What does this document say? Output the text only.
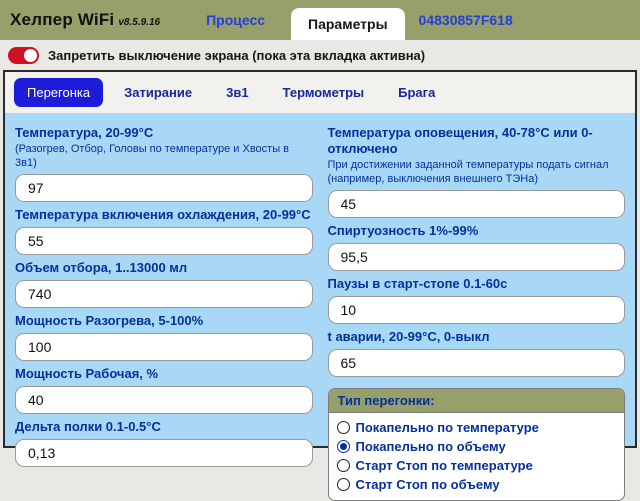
Хелпер WiFi v8.5.9.16	Процесс	Параметры	04830857F618
Запретить выключение экрана (пока эта вкладка активна)
Перегонка	Затирание	3в1	Термометры	Брага
Температура, 20-99°C
(Разогрев, Отбор, Головы по температуре и Хвосты в 3в1)
97
Температура включения охлаждения, 20-99°C
55
Объем отбора, 1..13000 мл
740
Мощность Разогрева, 5-100%
100
Мощность Рабочая, %
40
Дельта полки 0.1-0.5°C
0,13
Температура оповещения, 40-78°C или 0-отключено
При достижении заданной температуры подать сигнал (например, выключения внешнего ТЭНа)
45
Спиртуозность 1%-99%
95,5
Паузы в старт-стопе 0.1-60с
10
t аварии, 20-99°C, 0-выкл
65
Тип перегонки:
Покапельно по температуре
Покапельно по объему
Старт Стоп по температуре
Старт Стоп по объему
